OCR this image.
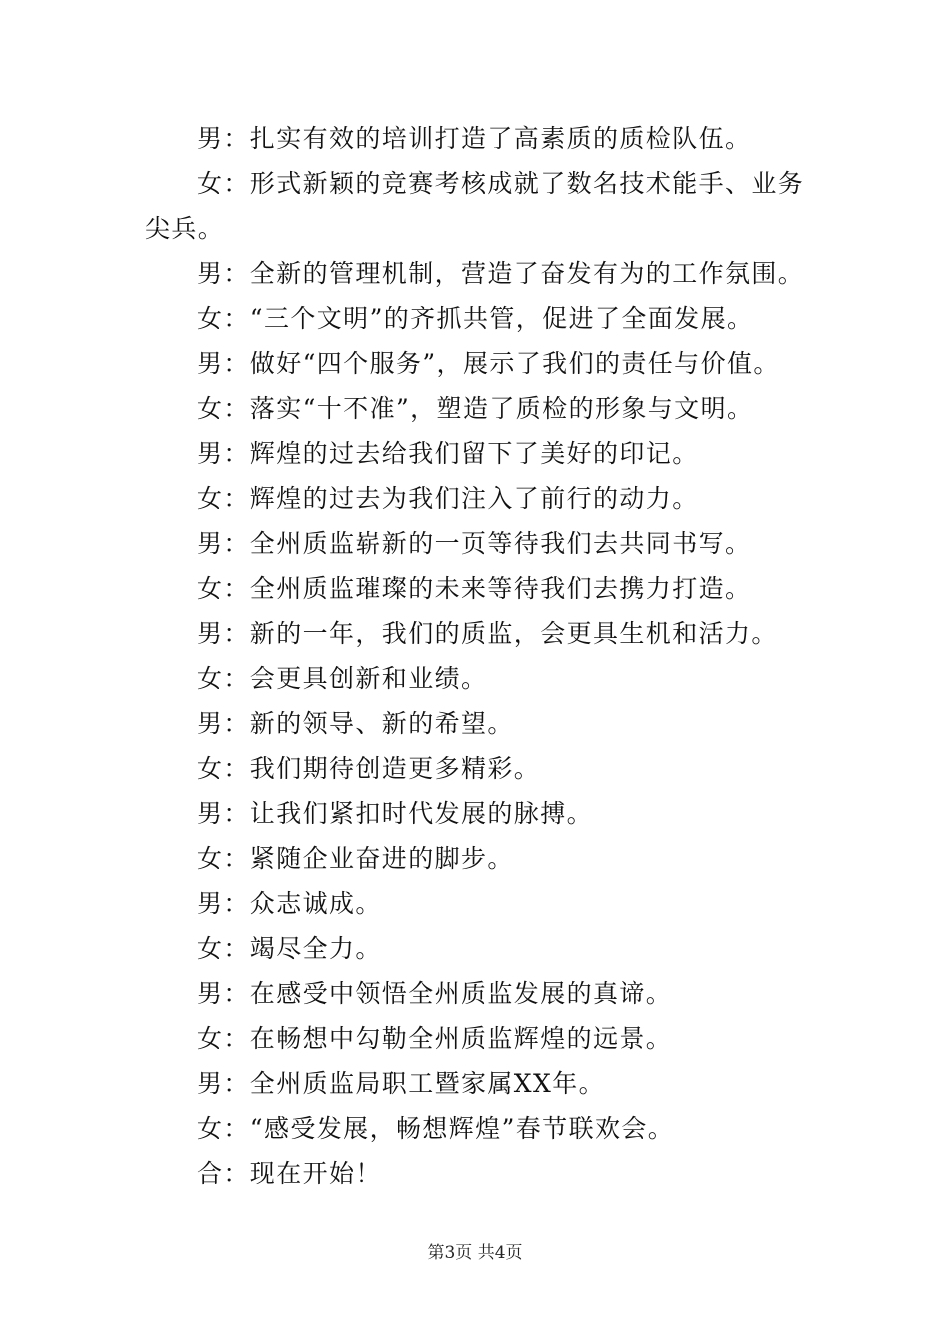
男：扎实有效的培训打造了高素质的质检队伍。

女：形式新颖的竞赛考核成就了数名技术能手、业务尖兵。

男：全新的管理机制，营造了奋发有为的工作氛围。

女：“三个文明”的齐抓共管，促进了全面发展。

男：做好“四个服务”，展示了我们的责任与价值。

女：落实“十不准”，塑造了质检的形象与文明。

男：辉煌的过去给我们留下了美好的印记。

女：辉煌的过去为我们注入了前行的动力。

男：全州质监崭新的一页等待我们去共同书写。

女：全州质监璀璨的未来等待我们去携力打造。

男：新的一年，我们的质监，会更具生机和活力。

女：会更具创新和业绩。

男：新的领导、新的希望。

女：我们期待创造更多精彩。

男：让我们紧扣时代发展的脉搏。

女：紧随企业奋进的脚步。

男：众志诚成。

女：竭尽全力。

男：在感受中领悟全州质监发展的真谛。

女：在畅想中勾勒全州质监辉煌的远景。

男：全州质监局职工暨家属XX年。

女：“感受发展，畅想辉煌”春节联欢会。

合：现在开始！

第3页 共4页
